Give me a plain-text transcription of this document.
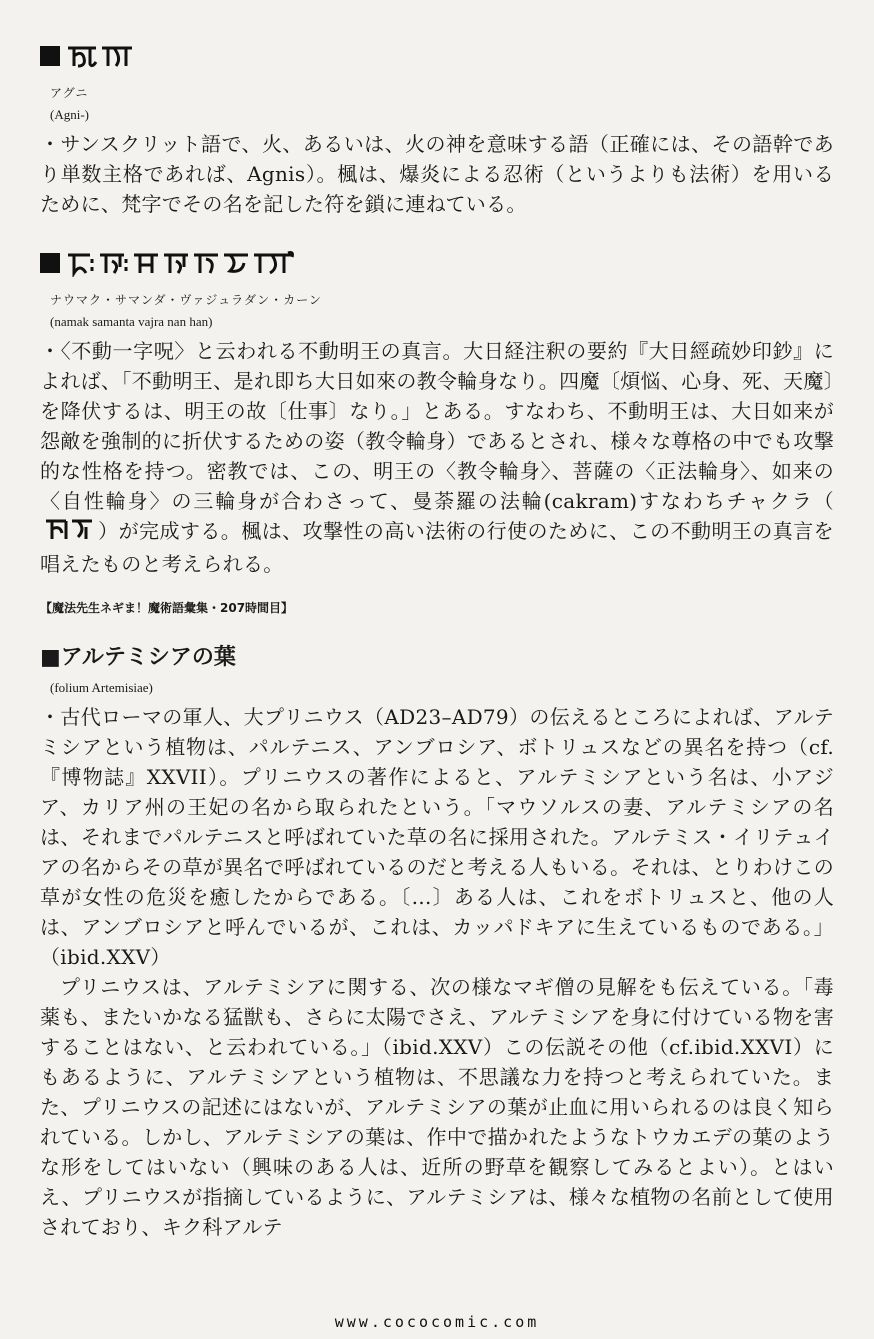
アグニ
(Agni-)

・サンスクリット語で、火、あるいは、火の神を意味する語（正確には、その語幹であり単数主格であれば、Agnis）。楓は、爆炎による忍術（というよりも法術）を用いるために、梵字でその名を記した符を鎖に連ねている。

ナウマク・サマンダ・ヴァジュラダン・カーン
(namak samanta vajra nan han)

・〈不動一字呪〉と云われる不動明王の真言。大日経注釈の要約『大日經疏妙印鈔』によれば、「不動明王、是れ即ち大日如來の教令輪身なり。四魔〔煩悩、心身、死、天魔〕を降伏するは、明王の故〔仕事〕なり。」とある。すなわち、不動明王は、大日如来が怨敵を強制的に折伏するための姿（教令輪身）であるとされ、様々な尊格の中でも攻撃的な性格を持つ。密教では、この、明王の〈教令輪身〉、菩薩の〈正法輪身〉、如来の〈自性輪身〉の三輪身が合わさって、曼荼羅の法輪(cakram)すなわちチャクラ（）が完成する。楓は、攻撃性の高い法術の行使のために、この不動明王の真言を唱えたものと考えられる。

【魔法先生ネギま！魔術語彙集・207時間目】
■アルテミシアの葉
(folium Artemisiae)

・古代ローマの軍人、大プリニウス（AD23–AD79）の伝えるところによれば、アルテミシアという植物は、パルテニス、アンブロシア、ボトリュスなどの異名を持つ（cf.『博物誌』XXVII）。プリニウスの著作によると、アルテミシアという名は、小アジア、カリア州の王妃の名から取られたという。「マウソルスの妻、アルテミシアの名は、それまでパルテニスと呼ばれていた草の名に採用された。アルテミス・イリテュイアの名からその草が異名で呼ばれているのだと考える人もいる。それは、とりわけこの草が女性の危災を癒したからである。〔…〕ある人は、これをボトリュスと、他の人は、アンブロシアと呼んでいるが、これは、カッパドキアに生えているものである。」（ibid.XXV）

プリニウスは、アルテミシアに関する、次の様なマギ僧の見解をも伝えている。「毒薬も、またいかなる猛獣も、さらに太陽でさえ、アルテミシアを身に付けている物を害することはない、と云われている。」（ibid.XXV）この伝説その他（cf.ibid.XXVI）にもあるように、アルテミシアという植物は、不思議な力を持つと考えられていた。また、プリニウスの記述にはないが、アルテミシアの葉が止血に用いられるのは良く知られている。しかし、アルテミシアの葉は、作中で描かれたようなトウカエデの葉のような形をしてはいない（興味のある人は、近所の野草を観察してみるとよい）。とはいえ、プリニウスが指摘しているように、アルテミシアは、様々な植物の名前として使用されており、キク科アルテ

www.cococomic.com
